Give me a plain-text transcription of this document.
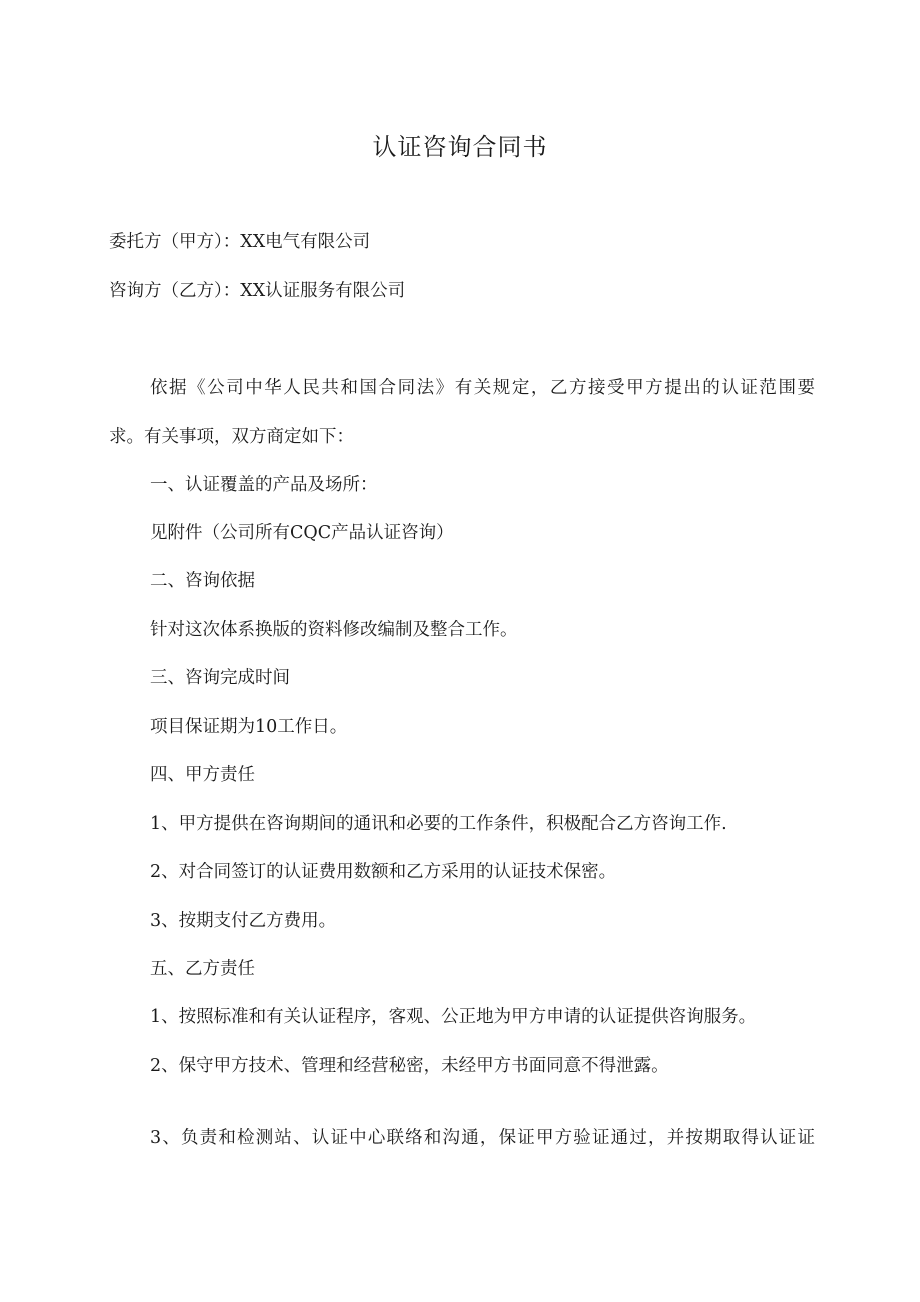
认证咨询合同书
委托方（甲方）：XX电气有限公司
咨询方（乙方）：XX认证服务有限公司
依据《公司中华人民共和国合同法》有关规定，乙方接受甲方提出的认证范围要
求。有关事项，双方商定如下：
一、认证覆盖的产品及场所：
见附件（公司所有CQC产品认证咨询）
二、咨询依据
针对这次体系换版的资料修改编制及整合工作。
三、咨询完成时间
项目保证期为10工作日。
四、甲方责任
1、甲方提供在咨询期间的通讯和必要的工作条件，积极配合乙方咨询工作.
2、对合同签订的认证费用数额和乙方采用的认证技术保密。
3、按期支付乙方费用。
五、乙方责任
1、按照标准和有关认证程序，客观、公正地为甲方申请的认证提供咨询服务。
2、保守甲方技术、管理和经营秘密，未经甲方书面同意不得泄露。
3、负责和检测站、认证中心联络和沟通，保证甲方验证通过，并按期取得认证证
